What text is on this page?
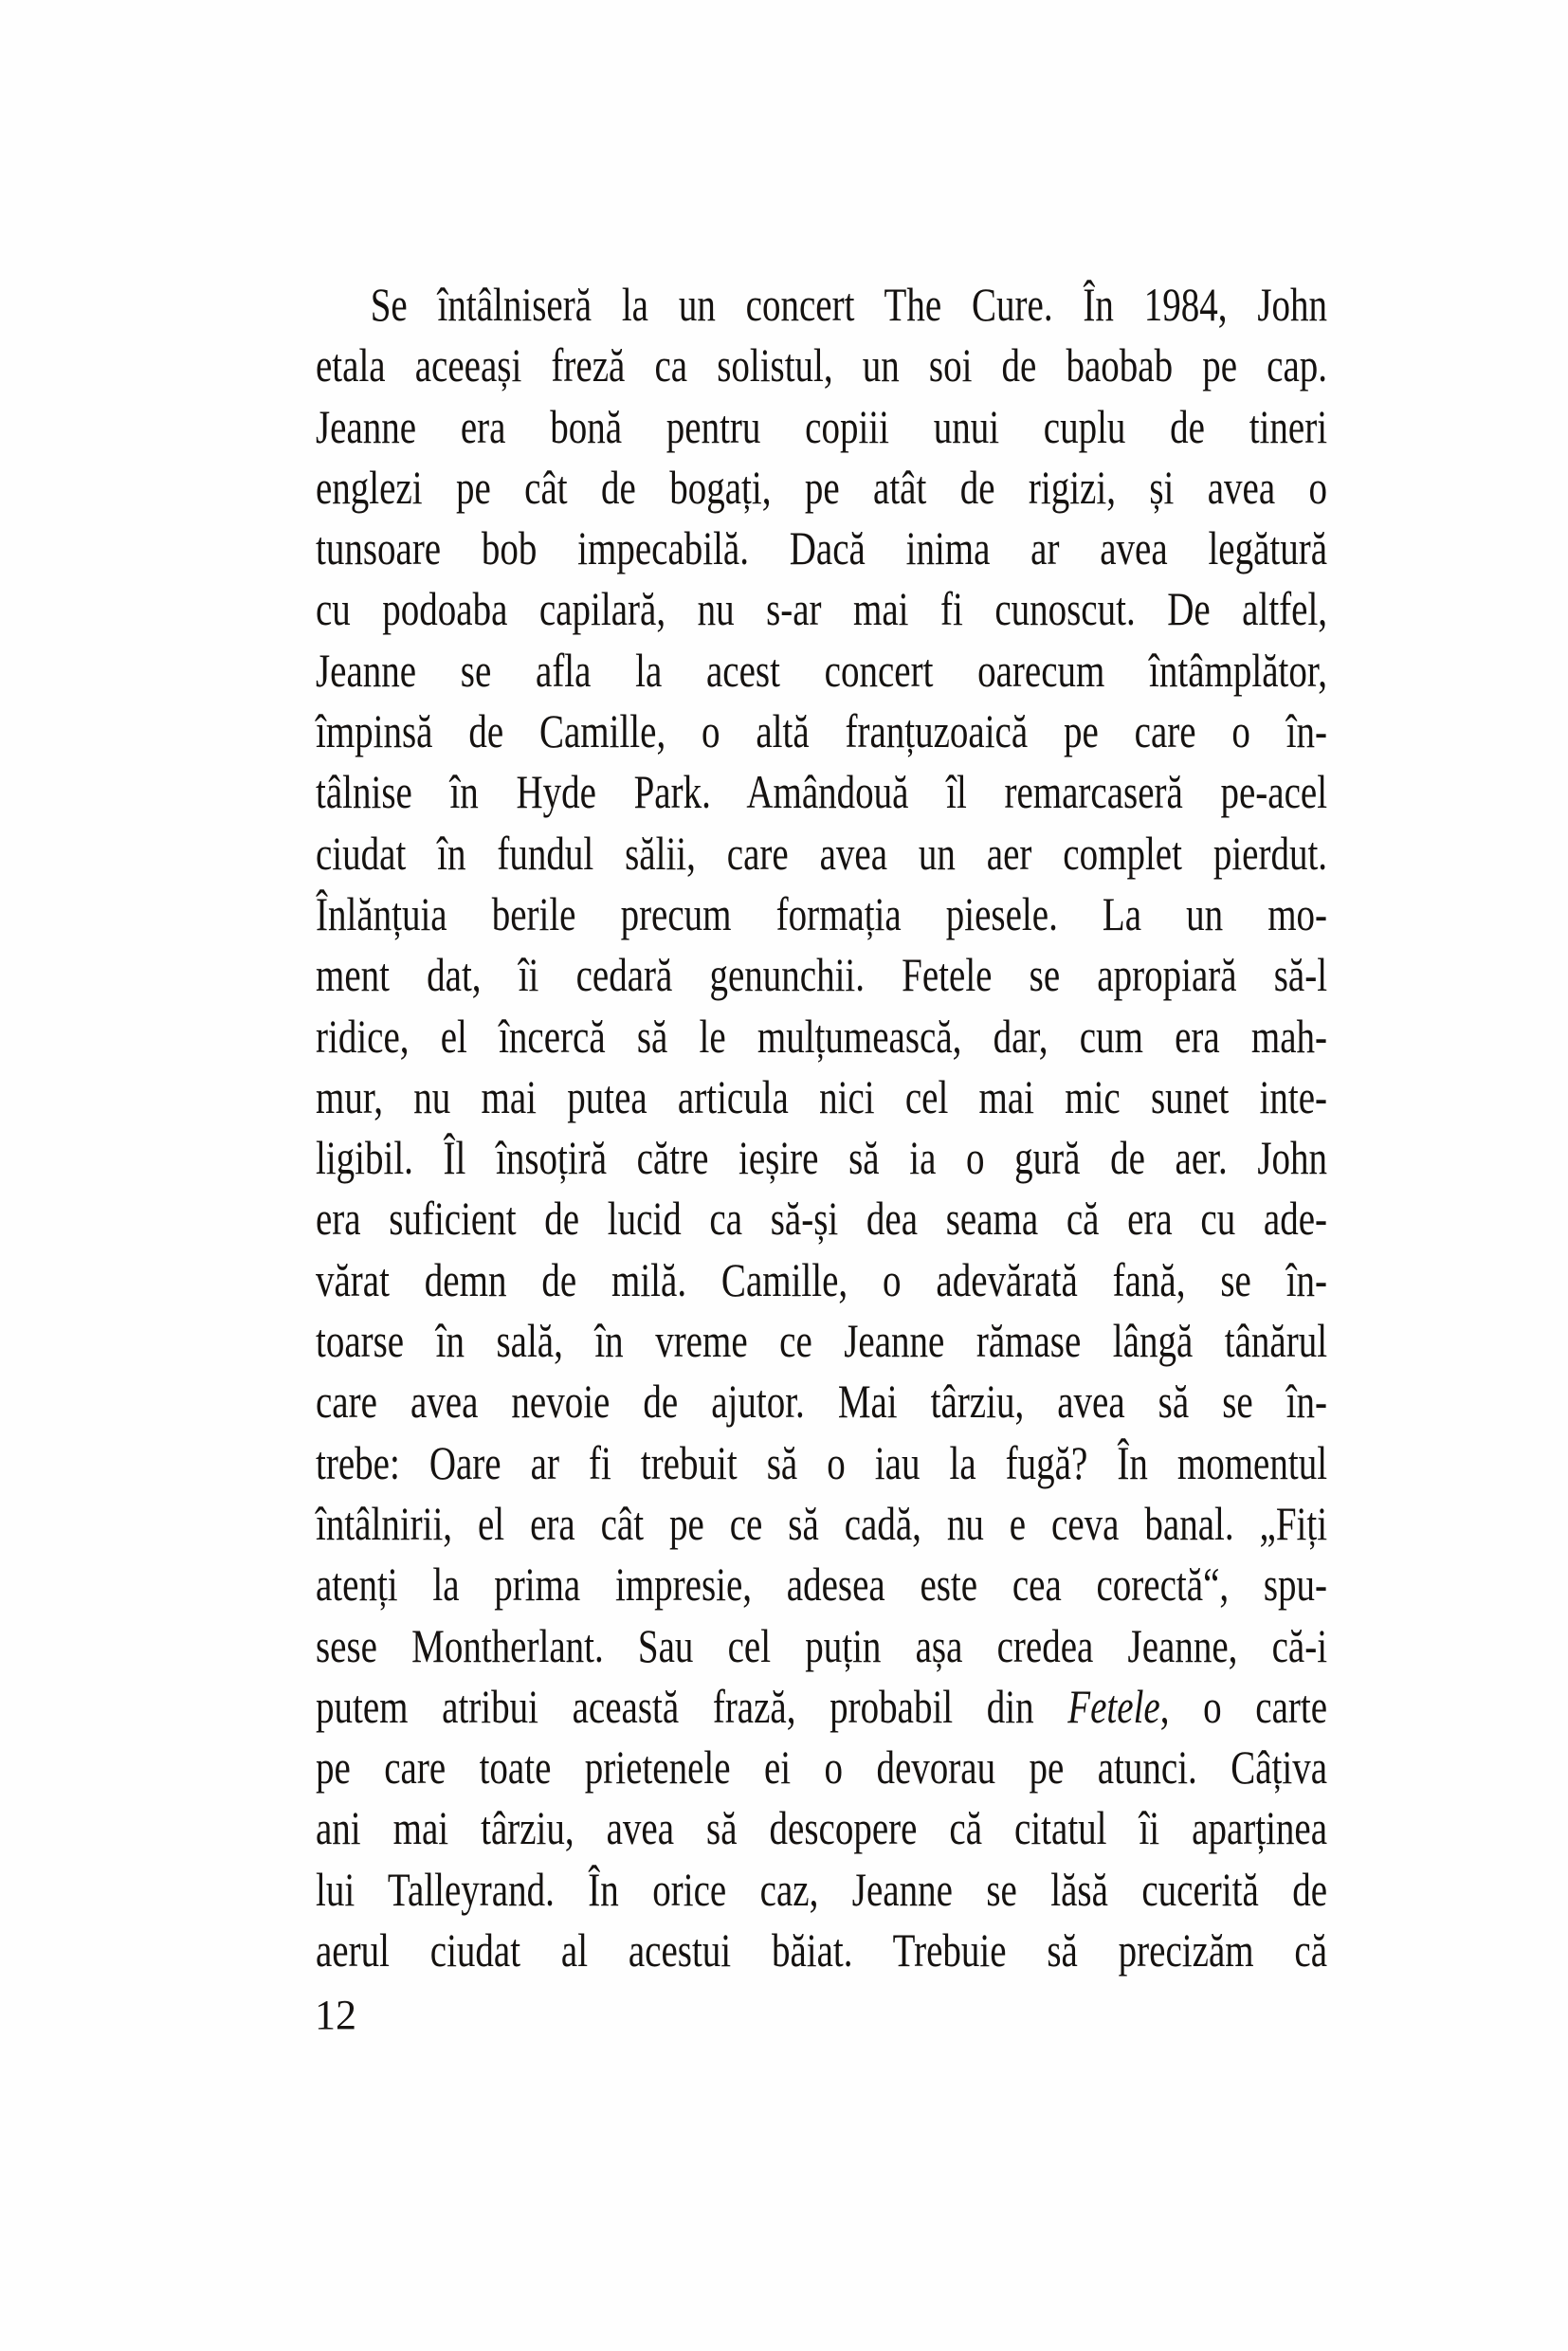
Se întâlniseră la un concert The Cure. În 1984, John
etala aceeași freză ca solistul, un soi de baobab pe cap.
Jeanne era bonă pentru copiii unui cuplu de tineri
englezi pe cât de bogați, pe atât de rigizi, și avea o
tunsoare bob impecabilă. Dacă inima ar avea legătură
cu podoaba capilară, nu s-ar mai fi cunoscut. De altfel,
Jeanne se afla la acest concert oarecum întâmplător,
împinsă de Camille, o altă franțuzoaică pe care o în-
tâlnise în Hyde Park. Amândouă îl remarcaseră pe-acel
ciudat în fundul sălii, care avea un aer complet pierdut.
Înlănțuia berile precum formația piesele. La un mo-
ment dat, îi cedară genunchii. Fetele se apropiară să-l
ridice, el încercă să le mulțumească, dar, cum era mah-
mur, nu mai putea articula nici cel mai mic sunet inte-
ligibil. Îl însoțiră către ieșire să ia o gură de aer. John
era suficient de lucid ca să-și dea seama că era cu ade-
vărat demn de milă. Camille, o adevărată fană, se în-
toarse în sală, în vreme ce Jeanne rămase lângă tânărul
care avea nevoie de ajutor. Mai târziu, avea să se în-
trebe: Oare ar fi trebuit să o iau la fugă? În momentul
întâlnirii, el era cât pe ce să cadă, nu e ceva banal. „Fiți
atenți la prima impresie, adesea este cea corectă“, spu-
sese Montherlant. Sau cel puțin așa credea Jeanne, că-i
putem atribui această frază, probabil din Fetele, o carte
pe care toate prietenele ei o devorau pe atunci. Câțiva
ani mai târziu, avea să descopere că citatul îi aparținea
lui Talleyrand. În orice caz, Jeanne se lăsă cucerită de
aerul ciudat al acestui băiat. Trebuie să precizăm că
12
